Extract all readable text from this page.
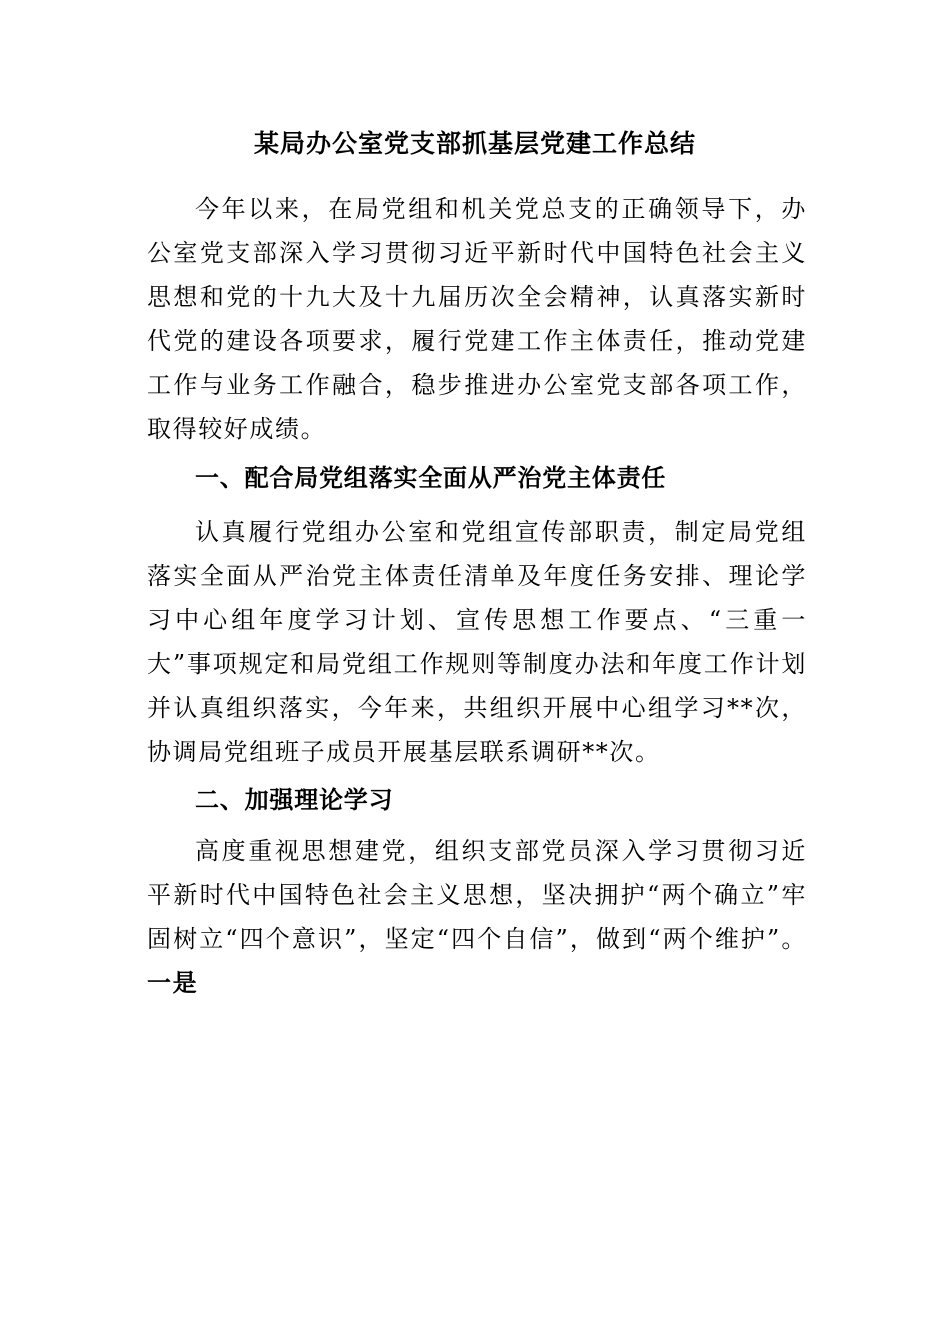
某局办公室党支部抓基层党建工作总结

今年以来，在局党组和机关党总支的正确领导下，办公室党支部深入学习贯彻习近平新时代中国特色社会主义思想和党的十九大及十九届历次全会精神，认真落实新时代党的建设各项要求，履行党建工作主体责任，推动党建工作与业务工作融合，稳步推进办公室党支部各项工作，取得较好成绩。

一、配合局党组落实全面从严治党主体责任

认真履行党组办公室和党组宣传部职责，制定局党组落实全面从严治党主体责任清单及年度任务安排、理论学习中心组年度学习计划、宣传思想工作要点、“三重一大”事项规定和局党组工作规则等制度办法和年度工作计划并认真组织落实，今年来，共组织开展中心组学习**次，协调局党组班子成员开展基层联系调研**次。

二、加强理论学习

高度重视思想建党，组织支部党员深入学习贯彻习近平新时代中国特色社会主义思想，坚决拥护“两个确立”牢固树立“四个意识”，坚定“四个自信”，做到“两个维护”。一是
